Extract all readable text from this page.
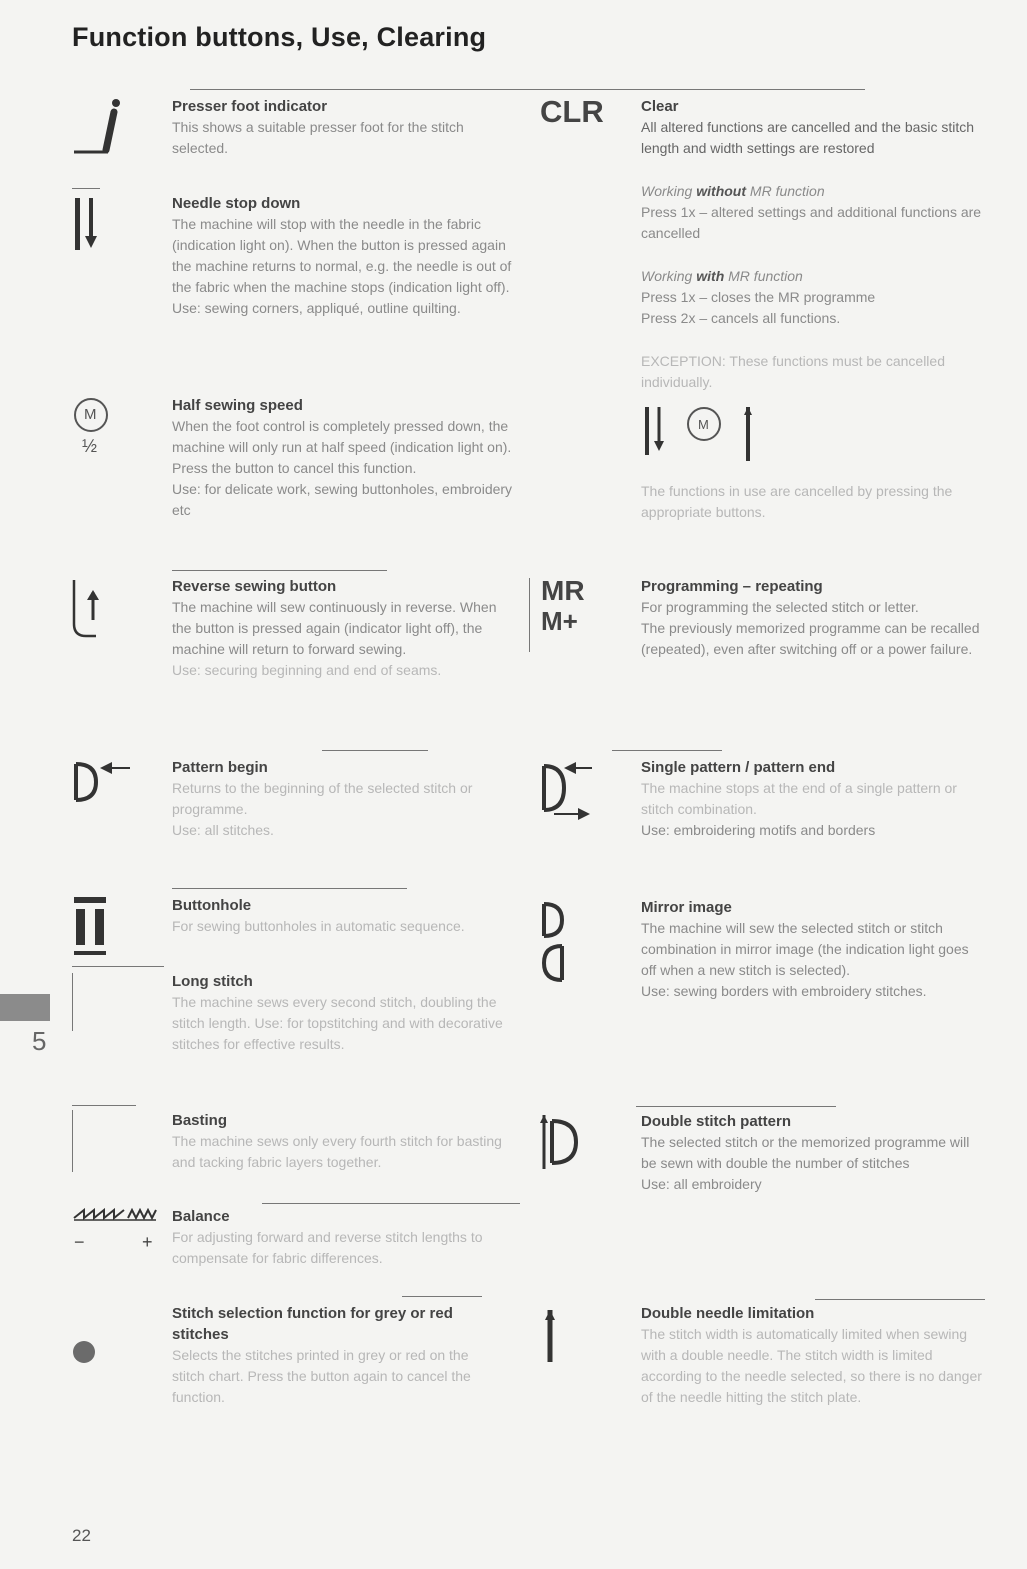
Function buttons, Use, Clearing
Presser foot indicator

This shows a suitable presser foot for the stitch selected.

Needle stop down

The machine will stop with the needle in the fabric (indication light on). When the button is pressed again the machine returns to normal, e.g. the needle is out of the fabric when the machine stops (indication light off). Use: sewing corners, appliqué, outline quilting.

M
½
Half sewing speed

When the foot control is completely pressed down, the machine will only run at half speed (indication light on). Press the button to cancel this function.

Use: for delicate work, sewing buttonholes, embroidery etc

Reverse sewing button

The machine will sew continuously in reverse. When the button is pressed again (indicator light off), the machine will return to forward sewing.

Use: securing beginning and end of seams.

Pattern begin

Returns to the beginning of the selected stitch or programme.

Use: all stitches.

Buttonhole

For sewing buttonholes in automatic sequence.

Long stitch

The machine sews every second stitch, doubling the stitch length. Use: for topstitching and with decorative stitches for effective results.

Basting

The machine sews only every fourth stitch for basting and tacking fabric layers together.

−	+
Balance

For adjusting forward and reverse stitch lengths to compensate for fabric differences.

Stitch selection function for grey or red stitches

Selects the stitches printed in grey or red on the stitch chart. Press the button again to cancel the function.

CLR Clear

All altered functions are cancelled and the basic stitch length and width settings are restored

Working without MR function

Press 1x – altered settings and additional functions are cancelled

Working with MR function

Press 1x – closes the MR programme

Press 2x – cancels all functions.

EXCEPTION: These functions must be cancelled individually.

M

The functions in use are cancelled by pressing the appropriate buttons.

MR
M+
Programming – repeating

For programming the selected stitch or letter.

The previously memorized programme can be recalled (repeated), even after switching off or a power failure.

Single pattern / pattern end

The machine stops at the end of a single pattern or stitch combination.

Use: embroidering motifs and borders

Mirror image

The machine will sew the selected stitch or stitch combination in mirror image (the indication light goes off when a new stitch is selected).

Use: sewing borders with embroidery stitches.

Double stitch pattern

The selected stitch or the memorized programme will be sewn with double the number of stitches

Use: all embroidery

Double needle limitation

The stitch width is automatically limited when sewing with a double needle. The stitch width is limited according to the needle selected, so there is no danger of the needle hitting the stitch plate.

5
22
